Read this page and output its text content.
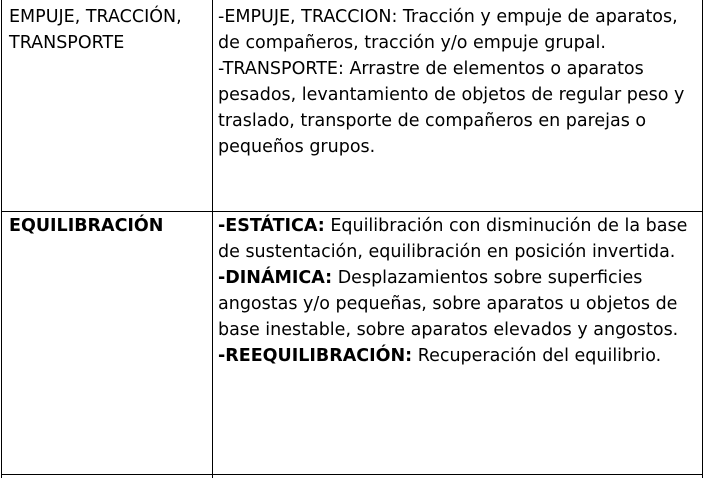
EMPUJE, TRACCIÓN, TRANSPORTE

-EMPUJE, TRACCION: Tracción y empuje de aparatos, de compañeros, tracción y/o empuje grupal.

-TRANSPORTE: Arrastre de elementos o aparatos pesados, levantamiento de objetos de regular peso y traslado, transporte de compañeros en parejas o pequeños grupos.

EQUILIBRACIÓN	-ESTÁTICA: Equilibración con disminución de la base de sustentación, equilibración en posición invertida.

-DINÁMICA: Desplazamientos sobre superficies angostas y/o pequeñas, sobre aparatos u objetos de base inestable, sobre aparatos elevados y angostos.

-REEQUILIBRACIÓN: Recuperación del equilibrio.
